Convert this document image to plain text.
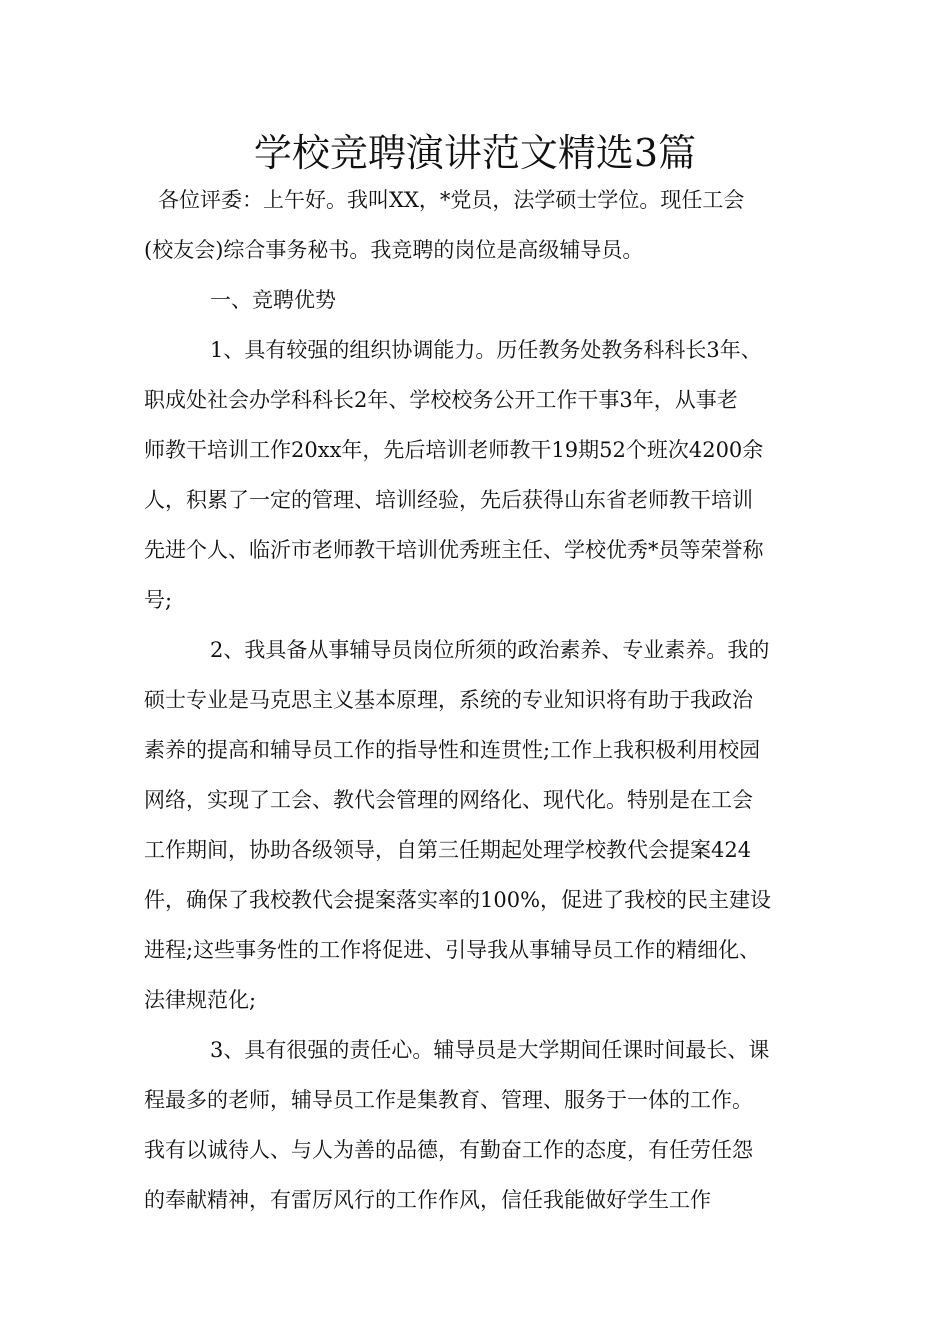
学校竞聘演讲范文精选3篇

各位评委：上午好。我叫XX，*党员，法学硕士学位。现任工会

(校友会)综合事务秘书。我竞聘的岗位是高级辅导员。

一、竞聘优势

1、具有较强的组织协调能力。历任教务处教务科科长3年、

职成处社会办学科科长2年、学校校务公开工作干事3年，从事老

师教干培训工作20xx年，先后培训老师教干19期52个班次4200余

人，积累了一定的管理、培训经验，先后获得山东省老师教干培训

先进个人、临沂市老师教干培训优秀班主任、学校优秀*员等荣誉称

号;

2、我具备从事辅导员岗位所须的政治素养、专业素养。我的

硕士专业是马克思主义基本原理，系统的专业知识将有助于我政治

素养的提高和辅导员工作的指导性和连贯性;工作上我积极利用校园

网络，实现了工会、教代会管理的网络化、现代化。特别是在工会

工作期间，协助各级领导，自第三任期起处理学校教代会提案424

件，确保了我校教代会提案落实率的100%，促进了我校的民主建设

进程;这些事务性的工作将促进、引导我从事辅导员工作的精细化、

法律规范化;

3、具有很强的责任心。辅导员是大学期间任课时间最长、课

程最多的老师，辅导员工作是集教育、管理、服务于一体的工作。

我有以诚待人、与人为善的品德，有勤奋工作的态度，有任劳任怨

的奉献精神，有雷厉风行的工作作风，信任我能做好学生工作
